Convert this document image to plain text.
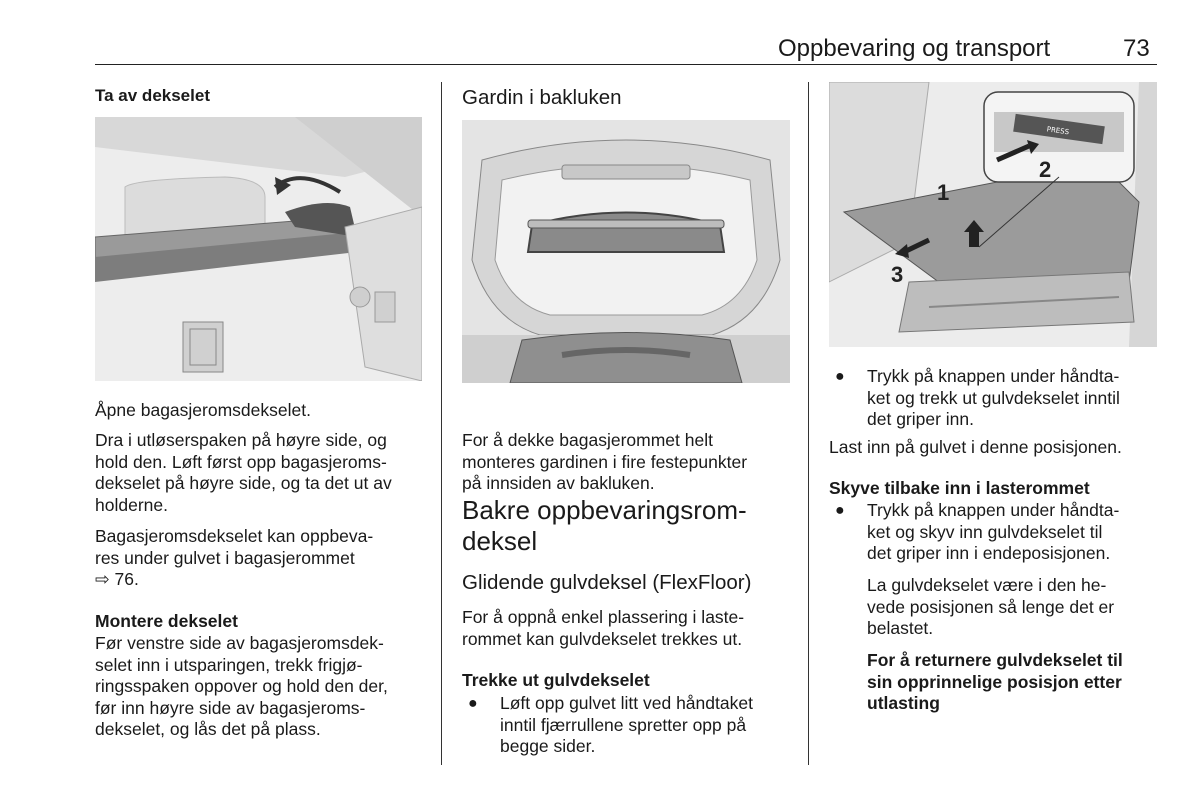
Oppbevaring og transport	73
Ta av dekselet

Åpne bagasjeromsdekselet.

Dra i utløserspaken på høyre side, og
hold den. Løft først opp bagasjeroms-
dekselet på høyre side, og ta det ut av
holderne.
Bagasjeromsdekselet kan oppbeva-
res under gulvet i bagasjerommet
⇨ 76.
Montere dekselet
Før venstre side av bagasjeromsdek-
selet inn i utsparingen, trekk frigjø-
ringsspaken oppover og hold den der,
før inn høyre side av bagasjeroms-
dekselet, og lås det på plass.
Gardin i bakluken
For å dekke bagasjerommet helt
monteres gardinen i fire festepunkter
på innsiden av bakluken.
Bakre oppbevaringsrom-
deksel
Glidende gulvdeksel (FlexFloor)
For å oppnå enkel plassering i laste-
rommet kan gulvdekselet trekkes ut.
Trekke ut gulvdekselet
● Løft opp gulvet litt ved håndtaket
inntil fjærrullene spretter opp på
begge sider.
PRESS
1
2
3
● Trykk på knappen under håndta-
ket og trekk ut gulvdekselet inntil
det griper inn.

Last inn på gulvet i denne posisjonen.

Skyve tilbake inn i lasterommet
● Trykk på knappen under håndta-
ket og skyv inn gulvdekselet til
det griper inn i endeposisjonen.
La gulvdekselet være i den he-
vede posisjonen så lenge det er
belastet.
For å returnere gulvdekselet til
sin opprinnelige posisjon etter
utlasting
